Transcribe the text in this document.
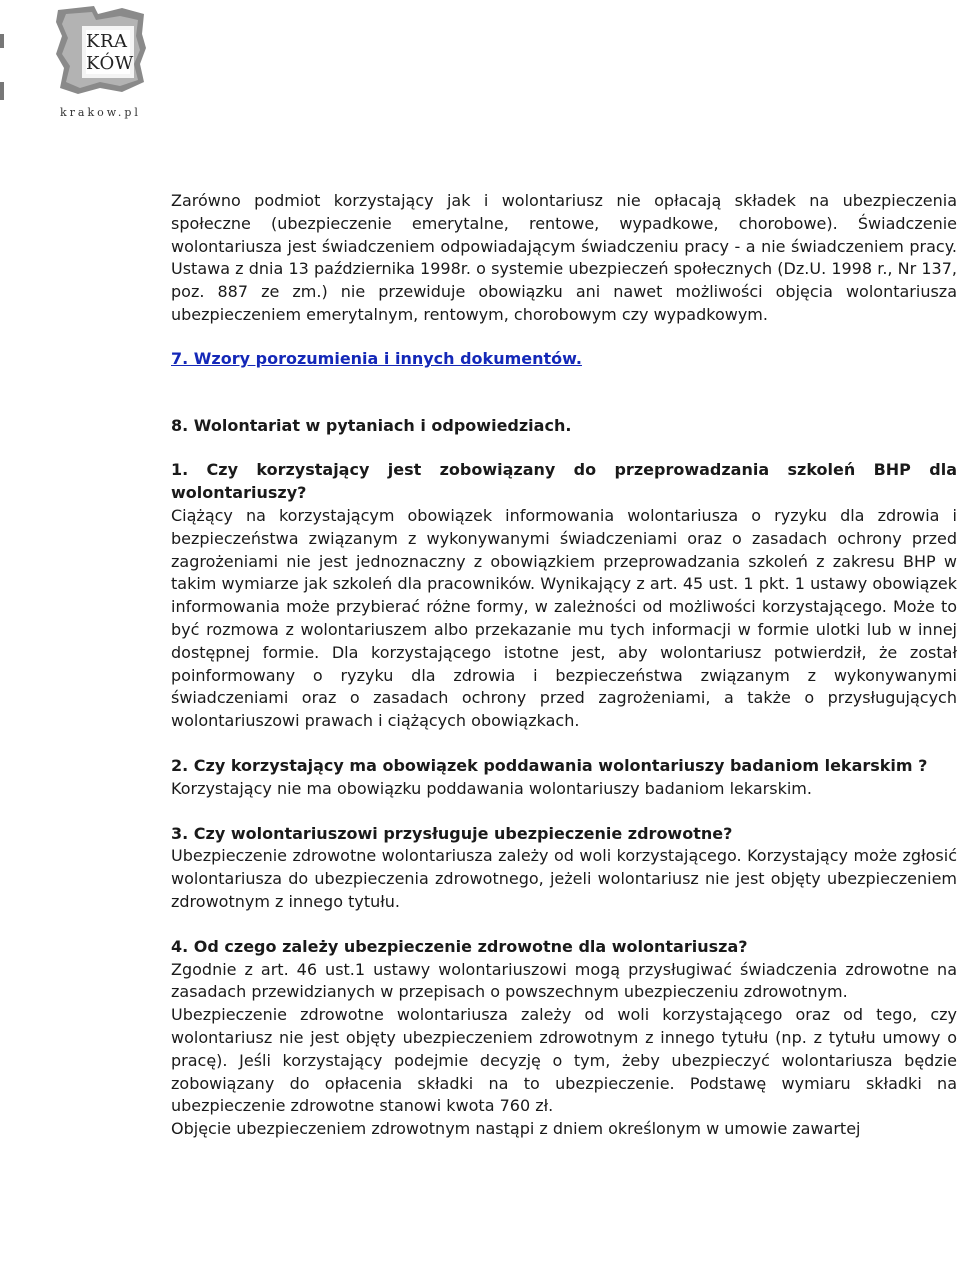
KRA
KÓW
krakow.pl

Zarówno podmiot korzystający jak i wolontariusz nie opłacają składek na ubezpieczenia społeczne (ubezpieczenie emerytalne, rentowe, wypadkowe, chorobowe). Świadczenie wolontariusza jest świadczeniem odpowiadającym świadczeniu pracy - a nie świadczeniem pracy. Ustawa z dnia 13 października 1998r. o systemie ubezpieczeń społecznych (Dz.U. 1998 r., Nr 137, poz. 887 ze zm.) nie przewiduje obowiązku ani nawet możliwości objęcia wolontariusza ubezpieczeniem emerytalnym, rentowym, chorobowym czy wypadkowym.

7. Wzory porozumienia i innych dokumentów.

8. Wolontariat w pytaniach i odpowiedziach.

1. Czy korzystający jest zobowiązany do przeprowadzania szkoleń BHP dla wolontariuszy?

Ciążący na korzystającym obowiązek informowania wolontariusza o ryzyku dla zdrowia i bezpieczeństwa związanym z wykonywanymi świadczeniami oraz o zasadach ochrony przed zagrożeniami nie jest jednoznaczny z obowiązkiem przeprowadzania szkoleń z zakresu BHP w takim wymiarze jak szkoleń dla pracowników. Wynikający z art. 45 ust. 1 pkt. 1 ustawy obowiązek informowania może przybierać różne formy, w zależności od możliwości korzystającego. Może to być rozmowa z wolontariuszem albo przekazanie mu tych informacji w formie ulotki lub w innej dostępnej formie. Dla korzystającego istotne jest, aby wolontariusz potwierdził, że został poinformowany o ryzyku dla zdrowia i bezpieczeństwa związanym z wykonywanymi świadczeniami oraz o zasadach ochrony przed zagrożeniami, a także o przysługujących wolontariuszowi prawach i ciążących obowiązkach.

2. Czy korzystający ma obowiązek poddawania wolontariuszy badaniom lekarskim ?

Korzystający nie ma obowiązku poddawania wolontariuszy badaniom lekarskim.

3. Czy wolontariuszowi przysługuje ubezpieczenie zdrowotne?

Ubezpieczenie zdrowotne wolontariusza zależy od woli korzystającego. Korzystający może zgłosić wolontariusza do ubezpieczenia zdrowotnego, jeżeli wolontariusz nie jest objęty ubezpieczeniem zdrowotnym z innego tytułu.

4. Od czego zależy ubezpieczenie zdrowotne dla wolontariusza?

Zgodnie z art. 46 ust.1 ustawy wolontariuszowi mogą przysługiwać świadczenia zdrowotne na zasadach przewidzianych w przepisach o powszechnym ubezpieczeniu zdrowotnym.

Ubezpieczenie zdrowotne wolontariusza zależy od woli korzystającego oraz od tego, czy wolontariusz nie jest objęty ubezpieczeniem zdrowotnym z innego tytułu (np. z tytułu umowy o pracę). Jeśli korzystający podejmie decyzję o tym, żeby ubezpieczyć wolontariusza będzie zobowiązany do opłacenia składki na to ubezpieczenie. Podstawę wymiaru składki na ubezpieczenie zdrowotne stanowi kwota 760 zł.

Objęcie ubezpieczeniem zdrowotnym nastąpi z dniem określonym w umowie zawartej
